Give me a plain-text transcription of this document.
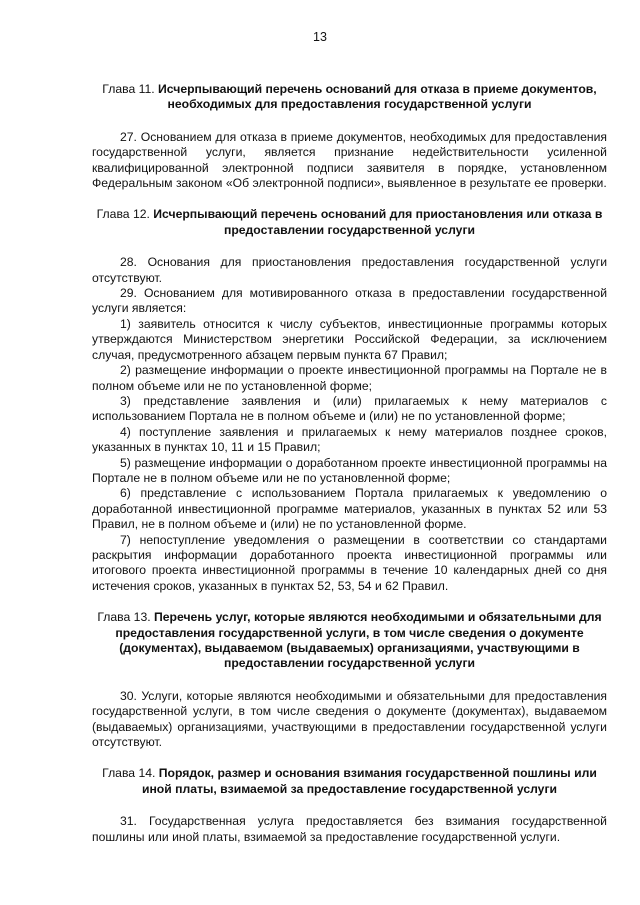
13

Глава 11. Исчерпывающий перечень оснований для отказа в приеме документов, необходимых для предоставления государственной услуги

27. Основанием для отказа в приеме документов, необходимых для предоставления государственной услуги, является признание недействительности усиленной квалифицированной электронной подписи заявителя в порядке, установленном Федеральным законом «Об электронной подписи», выявленное в результате ее проверки.

Глава 12. Исчерпывающий перечень оснований для приостановления или отказа в предоставлении государственной услуги

28. Основания для приостановления предоставления государственной услуги отсутствуют.

29. Основанием для мотивированного отказа в предоставлении государственной услуги является:

1) заявитель относится к числу субъектов, инвестиционные программы которых утверждаются Министерством энергетики Российской Федерации, за исключением случая, предусмотренного абзацем первым пункта 67 Правил;

2) размещение информации о проекте инвестиционной программы на Портале не в полном объеме или не по установленной форме;

3) представление заявления и (или) прилагаемых к нему материалов с использованием Портала не в полном объеме и (или) не по установленной форме;

4) поступление заявления и прилагаемых к нему материалов позднее сроков, указанных в пунктах 10, 11 и 15 Правил;

5) размещение информации о доработанном проекте инвестиционной программы на Портале не в полном объеме или не по установленной форме;

6) представление с использованием Портала прилагаемых к уведомлению о доработанной инвестиционной программе материалов, указанных в пунктах 52 или 53 Правил, не в полном объеме и (или) не по установленной форме.

7) непоступление уведомления о размещении в соответствии со стандартами раскрытия информации доработанного проекта инвестиционной программы или итогового проекта инвестиционной программы в течение 10 календарных дней со дня истечения сроков, указанных в пунктах 52, 53, 54 и 62 Правил.

Глава 13. Перечень услуг, которые являются необходимыми и обязательными для предоставления государственной услуги, в том числе сведения о документе (документах), выдаваемом (выдаваемых) организациями, участвующими в предоставлении государственной услуги

30. Услуги, которые являются необходимыми и обязательными для предоставления государственной услуги, в том числе сведения о документе (документах), выдаваемом (выдаваемых) организациями, участвующими в предоставлении государственной услуги отсутствуют.

Глава 14. Порядок, размер и основания взимания государственной пошлины или иной платы, взимаемой за предоставление государственной услуги

31. Государственная услуга предоставляется без взимания государственной пошлины или иной платы, взимаемой за предоставление государственной услуги.
